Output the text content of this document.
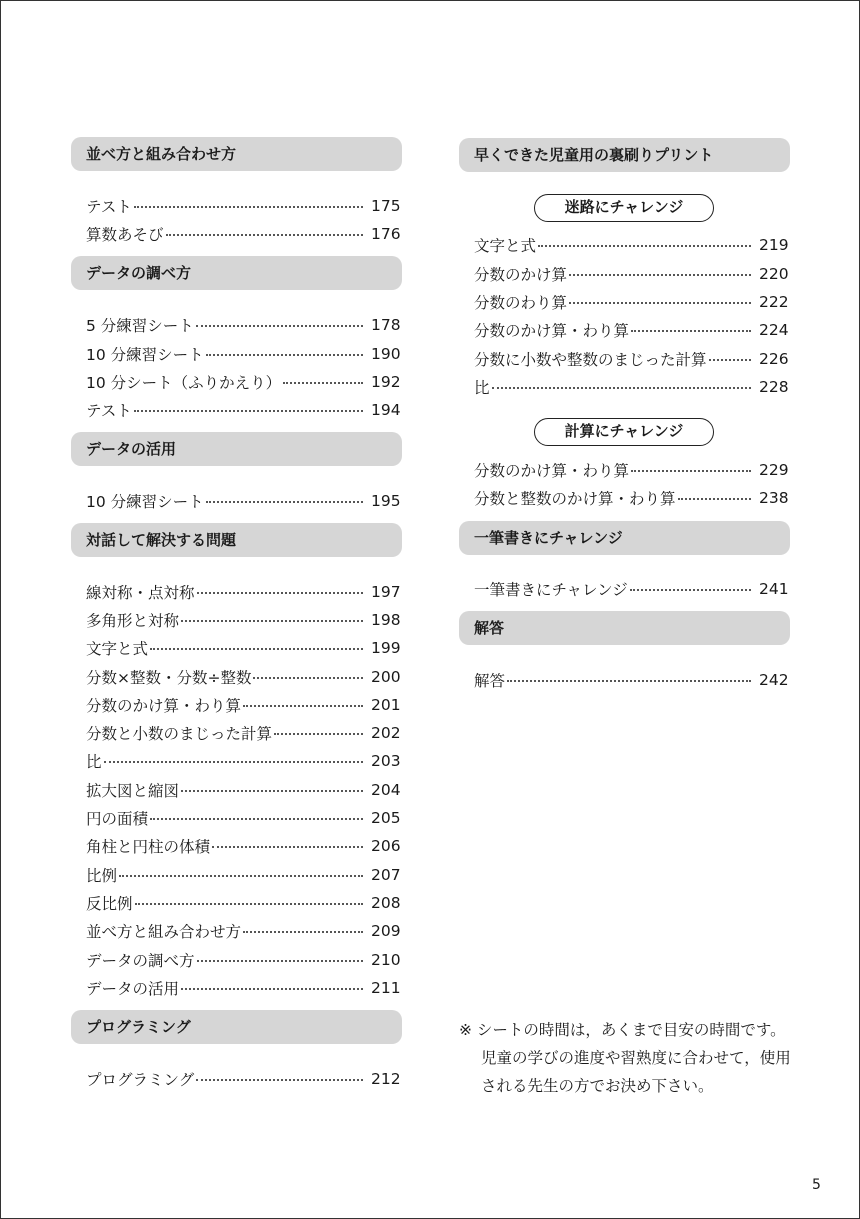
並べ方と組み合わせ方
テスト	175
算数あそび	176
データの調べ方
5 分練習シート	178
10 分練習シート	190
10 分シート（ふりかえり）	192
テスト	194
データの活用
10 分練習シート	195
対話して解決する問題
線対称・点対称	197
多角形と対称	198
文字と式	199
分数×整数・分数÷整数	200
分数のかけ算・わり算	201
分数と小数のまじった計算	202
比	203
拡大図と縮図	204
円の面積	205
角柱と円柱の体積	206
比例	207
反比例	208
並べ方と組み合わせ方	209
データの調べ方	210
データの活用	211
プログラミング
プログラミング	212
早くできた児童用の裏刷りプリント
迷路にチャレンジ
文字と式	219
分数のかけ算	220
分数のわり算	222
分数のかけ算・わり算	224
分数に小数や整数のまじった計算	226
比	228
計算にチャレンジ
分数のかけ算・わり算	229
分数と整数のかけ算・わり算	238
一筆書きにチャレンジ
一筆書きにチャレンジ	241
解答
解答	242
※ シートの時間は，あくまで目安の時間です。
児童の学びの進度や習熟度に合わせて，使用
される先生の方でお決め下さい。
5
